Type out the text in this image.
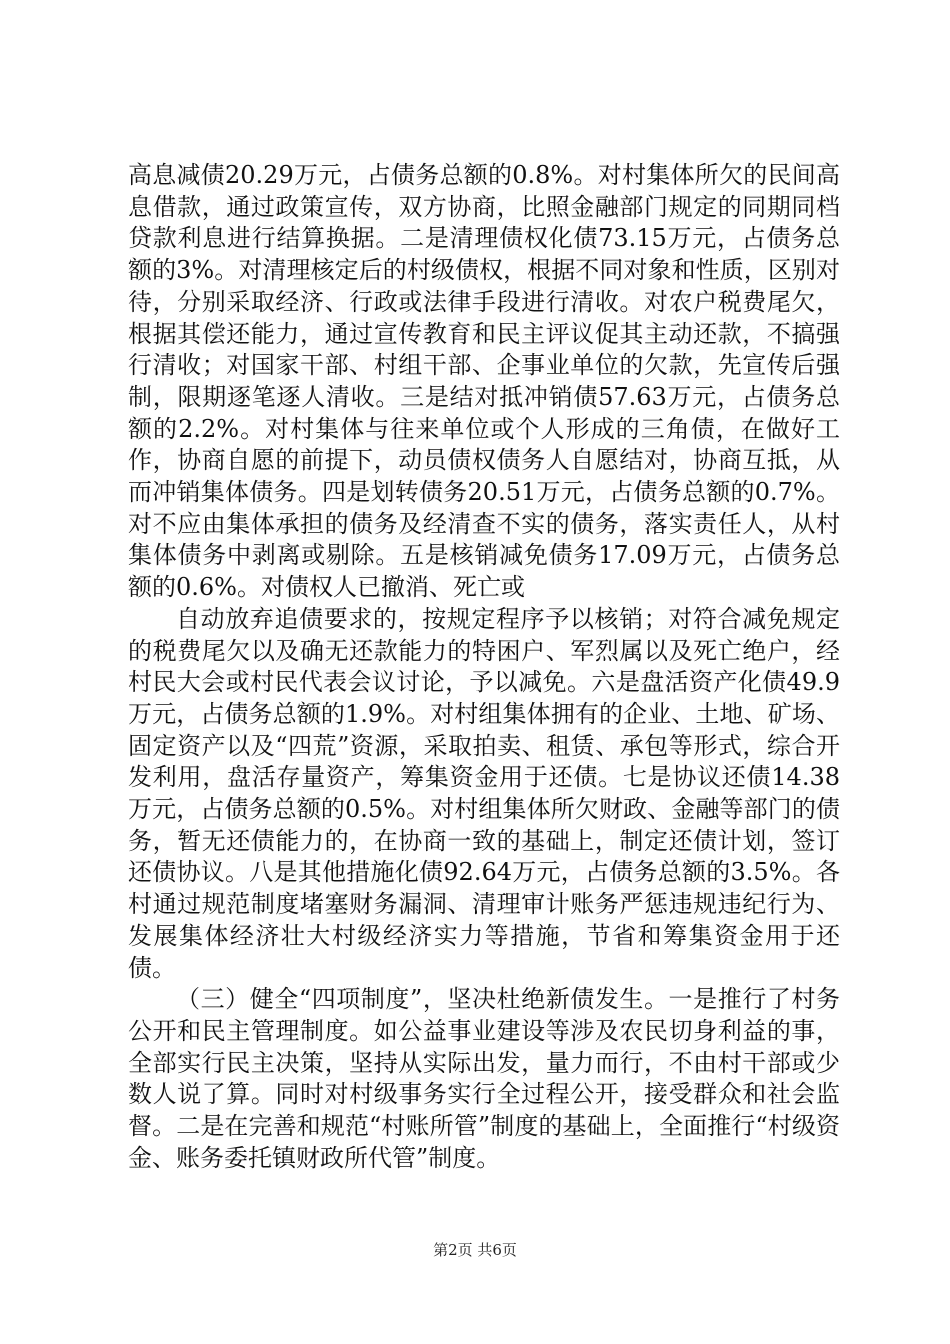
高息减债20.29万元，占债务总额的0.8%。对村集体所欠的民间高息借款，通过政策宣传，双方协商，比照金融部门规定的同期同档贷款利息进行结算换据。二是清理债权化债73.15万元，占债务总额的3%。对清理核定后的村级债权，根据不同对象和性质，区别对待，分别采取经济、行政或法律手段进行清收。对农户税费尾欠，根据其偿还能力，通过宣传教育和民主评议促其主动还款，不搞强行清收；对国家干部、村组干部、企事业单位的欠款，先宣传后强制，限期逐笔逐人清收。三是结对抵冲销债57.63万元，占债务总额的2.2%。对村集体与往来单位或个人形成的三角债，在做好工作，协商自愿的前提下，动员债权债务人自愿结对，协商互抵，从而冲销集体债务。四是划转债务20.51万元，占债务总额的0.7%。对不应由集体承担的债务及经清查不实的债务，落实责任人，从村集体债务中剥离或剔除。五是核销减免债务17.09万元，占债务总额的0.6%。对债权人已撤消、死亡或

自动放弃追债要求的，按规定程序予以核销；对符合减免规定的税费尾欠以及确无还款能力的特困户、军烈属以及死亡绝户，经村民大会或村民代表会议讨论，予以减免。六是盘活资产化债49.9万元，占债务总额的1.9%。对村组集体拥有的企业、土地、矿场、固定资产以及“四荒”资源，采取拍卖、租赁、承包等形式，综合开发利用，盘活存量资产，筹集资金用于还债。七是协议还债14.38万元，占债务总额的0.5%。对村组集体所欠财政、金融等部门的债务，暂无还债能力的，在协商一致的基础上，制定还债计划，签订还债协议。八是其他措施化债92.64万元，占债务总额的3.5%。各村通过规范制度堵塞财务漏洞、清理审计账务严惩违规违纪行为、发展集体经济壮大村级经济实力等措施，节省和筹集资金用于还债。

（三）健全“四项制度”，坚决杜绝新债发生。一是推行了村务公开和民主管理制度。如公益事业建设等涉及农民切身利益的事，全部实行民主决策，坚持从实际出发，量力而行，不由村干部或少数人说了算。同时对村级事务实行全过程公开，接受群众和社会监督。二是在完善和规范“村账所管”制度的基础上，全面推行“村级资金、账务委托镇财政所代管”制度。

第2页 共6页
